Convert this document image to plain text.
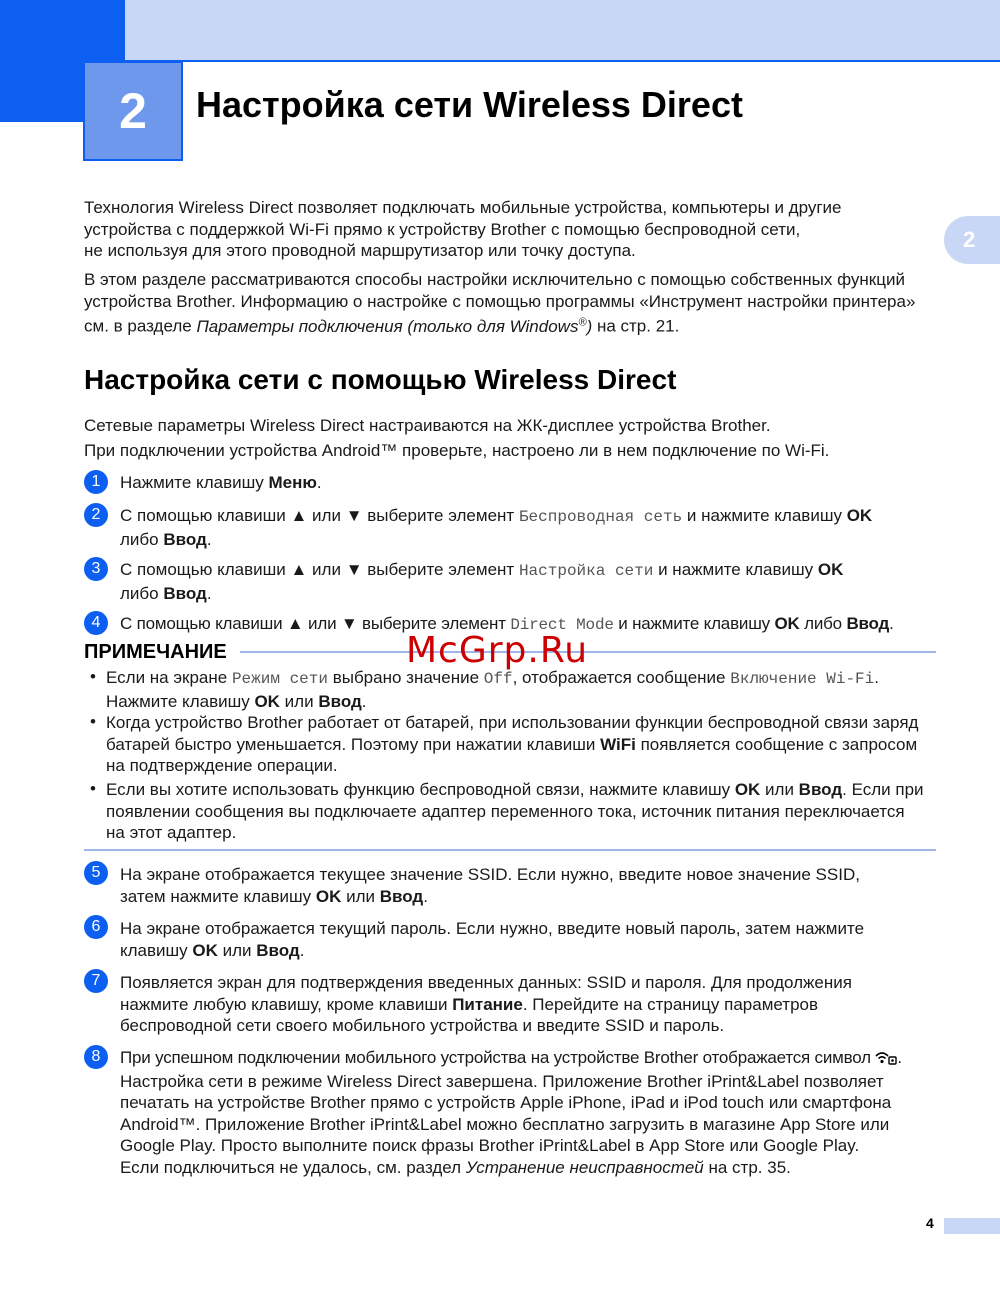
2	Настройка сети Wireless Direct
2
Технология Wireless Direct позволяет подключать мобильные устройства, компьютеры и другие
устройства с поддержкой Wi-Fi прямо к устройству Brother с помощью беспроводной сети,
не используя для этого проводной маршрутизатор или точку доступа.
В этом разделе рассматриваются способы настройки исключительно с помощью собственных функций
устройства Brother. Информацию о настройке с помощью программы «Инструмент настройки принтера»
см. в разделе Параметры подключения (только для Windows®) на стр. 21.
Настройка сети с помощью Wireless Direct
Сетевые параметры Wireless Direct настраиваются на ЖК-дисплее устройства Brother.
При подключении устройства Android™ проверьте, настроено ли в нем подключение по Wi-Fi.
1	Нажмите клавишу Меню.
2	С помощью клавиши ▲ или ▼ выберите элемент Беспроводная сеть и нажмите клавишу OK
либо Ввод.
3	С помощью клавиши ▲ или ▼ выберите элемент Настройка сети и нажмите клавишу OK
либо Ввод.
4	С помощью клавиши ▲ или ▼ выберите элемент Direct Mode и нажмите клавишу OK либо Ввод.
ПРИМЕЧАНИЕ	McGrp.Ru
• Если на экране Режим сети выбрано значение Off, отображается сообщение Включение Wi-Fi.
Нажмите клавишу OK или Ввод.
• Когда устройство Brother работает от батарей, при использовании функции беспроводной связи заряд
батарей быстро уменьшается. Поэтому при нажатии клавиши WiFi появляется сообщение с запросом
на подтверждение операции.
• Если вы хотите использовать функцию беспроводной связи, нажмите клавишу OK или Ввод. Если при
появлении сообщения вы подключаете адаптер переменного тока, источник питания переключается
на этот адаптер.
5	На экране отображается текущее значение SSID. Если нужно, введите новое значение SSID,
затем нажмите клавишу OK или Ввод.
6	На экране отображается текущий пароль. Если нужно, введите новый пароль, затем нажмите
клавишу OK или Ввод.
7	Появляется экран для подтверждения введенных данных: SSID и пароля. Для продолжения
нажмите любую клавишу, кроме клавиши Питание. Перейдите на страницу параметров
беспроводной сети своего мобильного устройства и введите SSID и пароль.
8	При успешном подключении мобильного устройства на устройстве Brother отображается символ .
Настройка сети в режиме Wireless Direct завершена. Приложение Brother iPrint&Label позволяет
печатать на устройстве Brother прямо с устройств Apple iPhone, iPad и iPod touch или смартфона
Android™. Приложение Brother iPrint&Label можно бесплатно загрузить в магазине App Store или
Google Play. Просто выполните поиск фразы Brother iPrint&Label в App Store или Google Play.
Если подключиться не удалось, см. раздел Устранение неисправностей на стр. 35.
4
